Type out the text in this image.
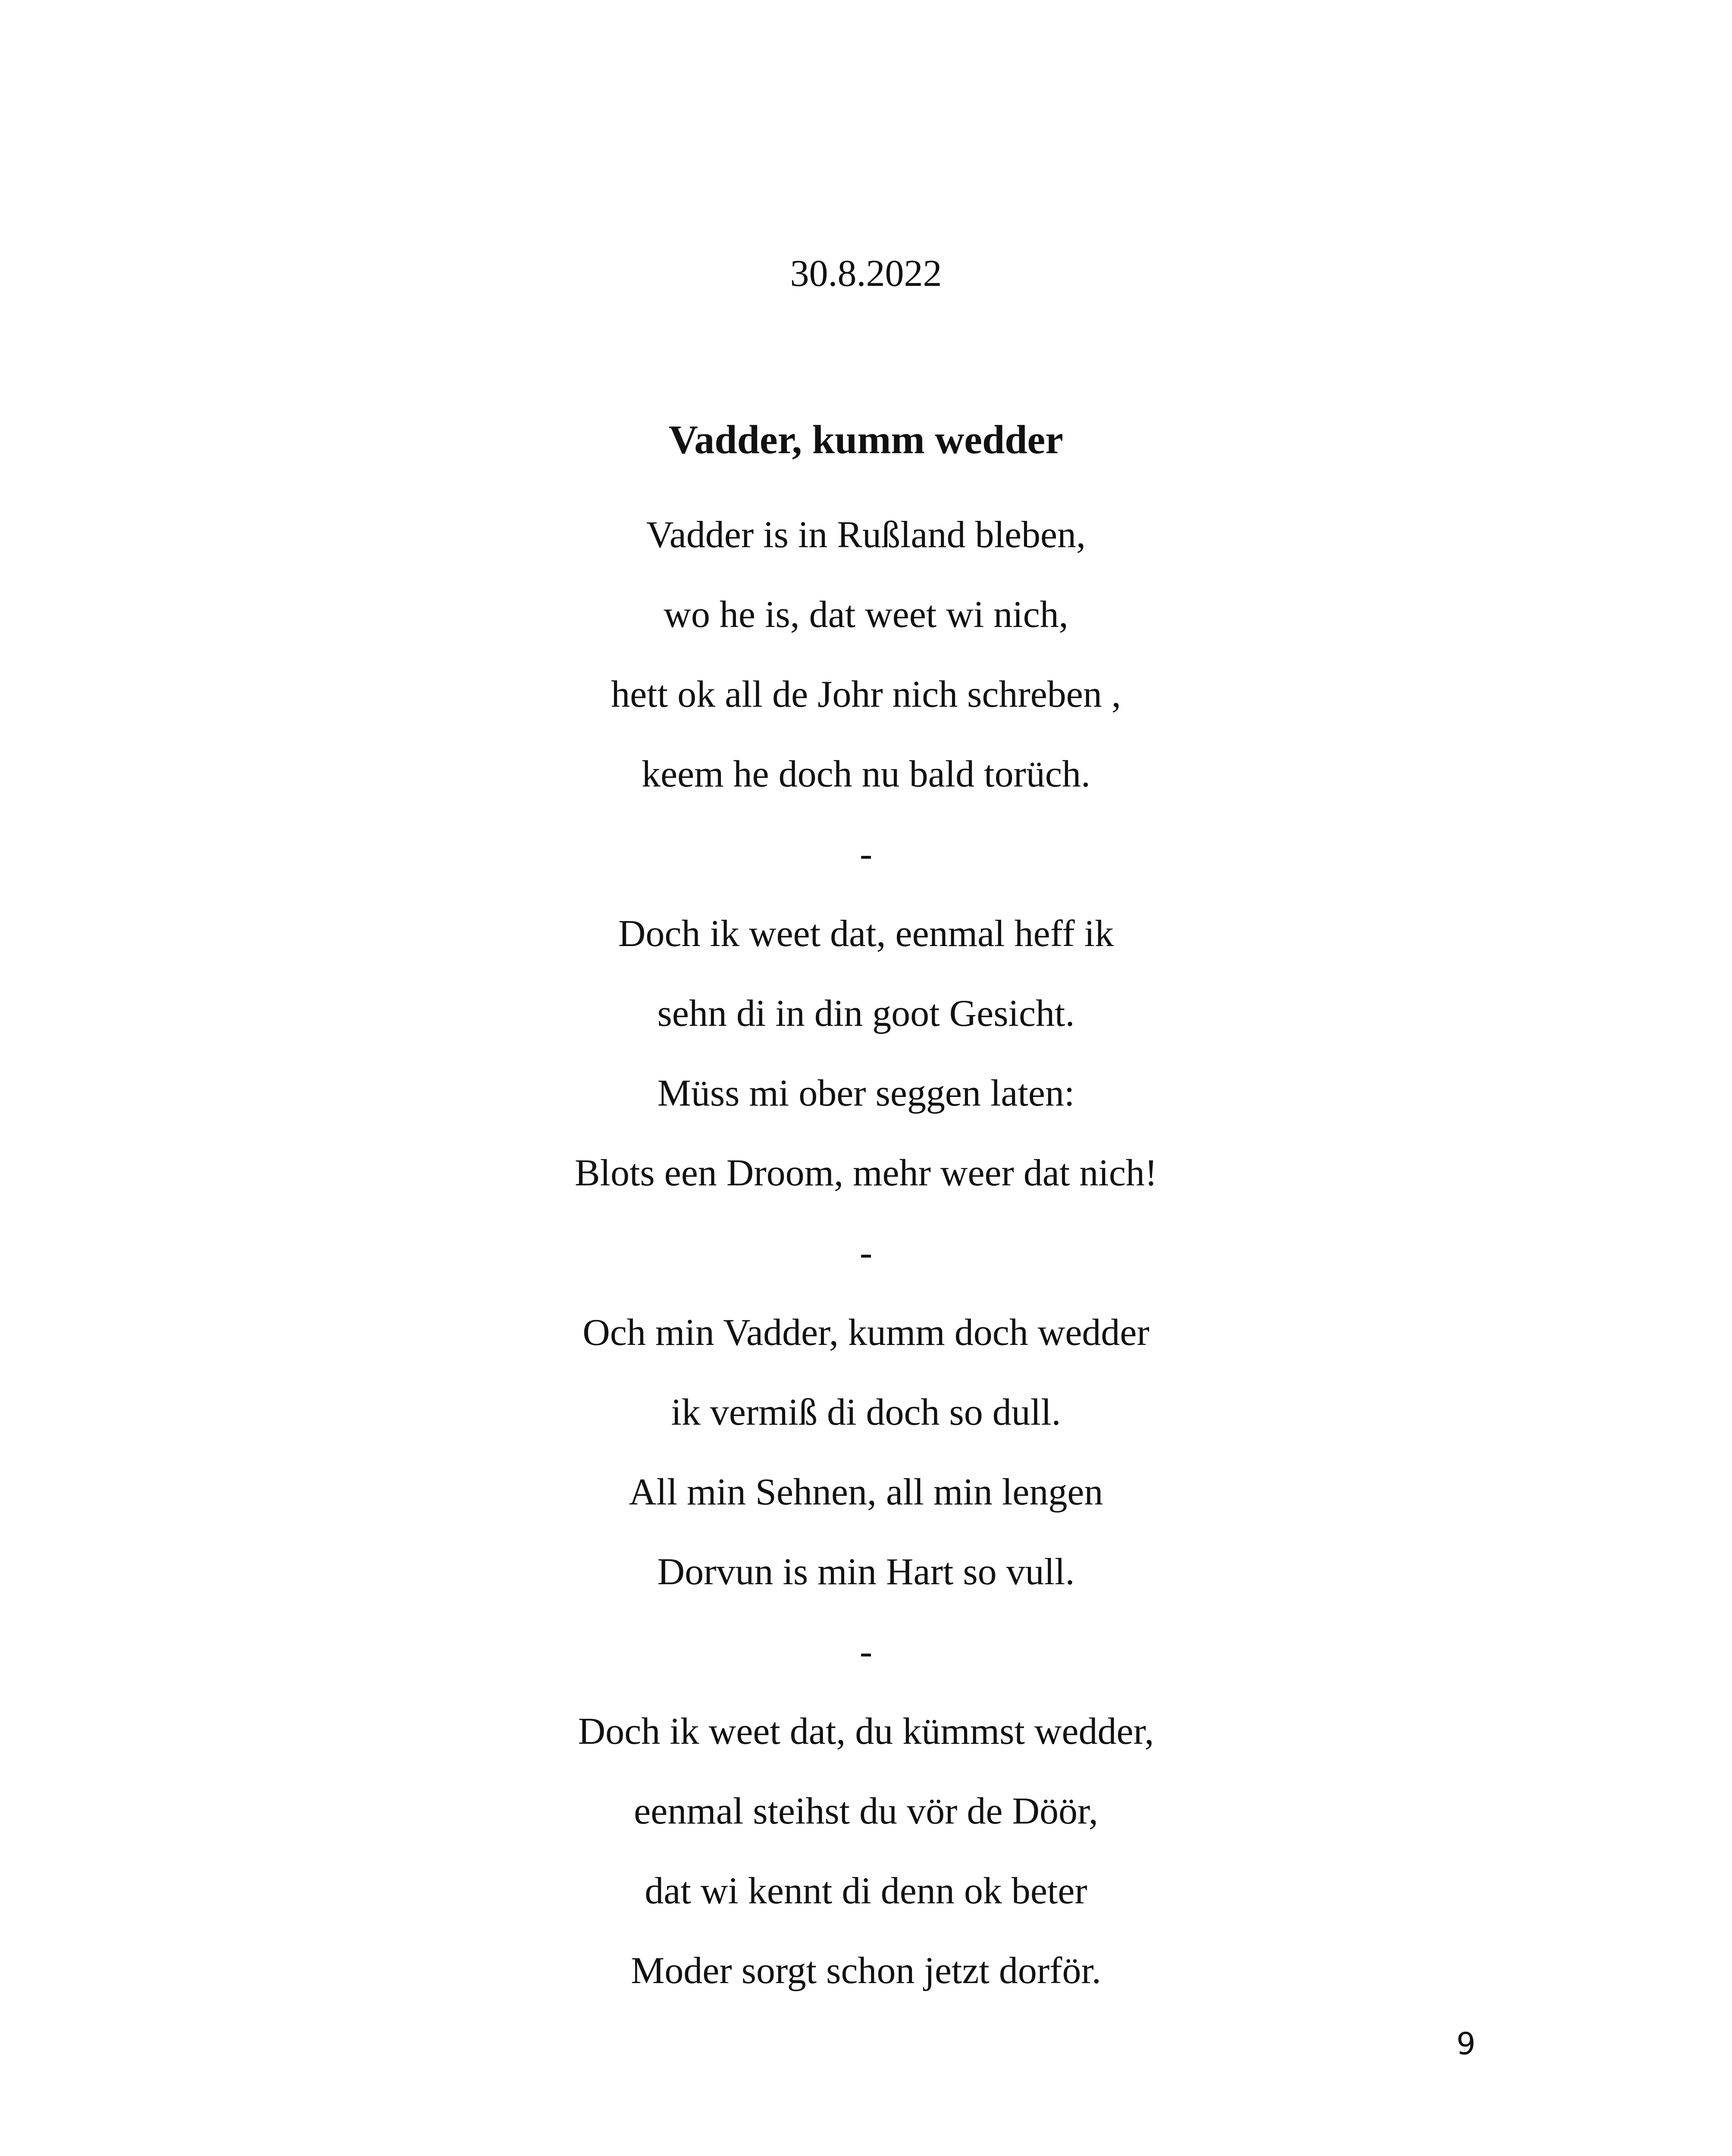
30.8.2022
Vadder, kumm wedder
Vadder is in Rußland bleben,
wo he is, dat weet wi nich,
hett ok all de Johr nich schreben ,
keem he doch nu bald torüch.
-
Doch ik weet dat, eenmal heff ik
sehn di in din goot Gesicht.
Müss mi ober seggen laten:
Blots een Droom, mehr weer dat nich!
-
Och min Vadder, kumm doch wedder
ik vermiß di doch so dull.
All min Sehnen, all min lengen
Dorvun is min Hart so vull.
-
Doch ik weet dat, du kümmst wedder,
eenmal steihst du vör de Döör,
dat wi kennt di denn ok beter
Moder sorgt schon jetzt dorför.
9
